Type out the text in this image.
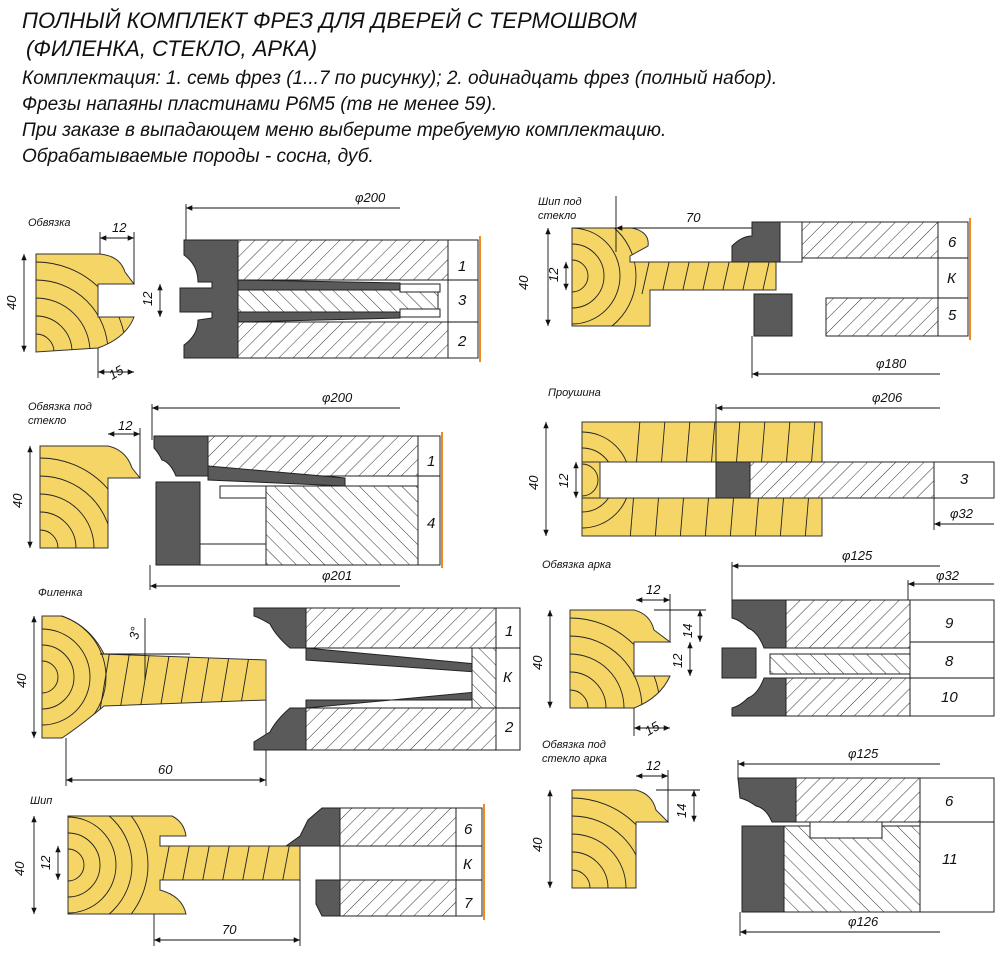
ПОЛНЫЙ КОМПЛЕКТ ФРЕЗ ДЛЯ ДВЕРЕЙ С ТЕРМОШВОМ
(ФИЛЕНКА, СТЕКЛО, АРКА)
Комплектация: 1. семь фрез (1...7 по рисунку); 2. одинадцать фрез (полный набор).
Фрезы напаяны пластинами Р6М5 (тв не менее 59).
При заказе в выпадающем меню выберите требуемую комплектацию.
Обрабатываемые породы - сосна, дуб.
Обвязка
40
12
12
15
φ200
1
3
2
Обвязка под
стекло
40
12
φ200
1
4
φ201
Филенка
40
3°
60
1
К
2
Шип
40 12
70
6
К
7
Шип под
стекло
40
12
70
6
К
5
φ180
Проушина
40 12
φ206
3
φ32
Обвязка арка
40
12
14
12
15
φ125
φ32
9
8
10
Обвязка под
стекло арка
40
12
14
φ125
6
11
φ126
